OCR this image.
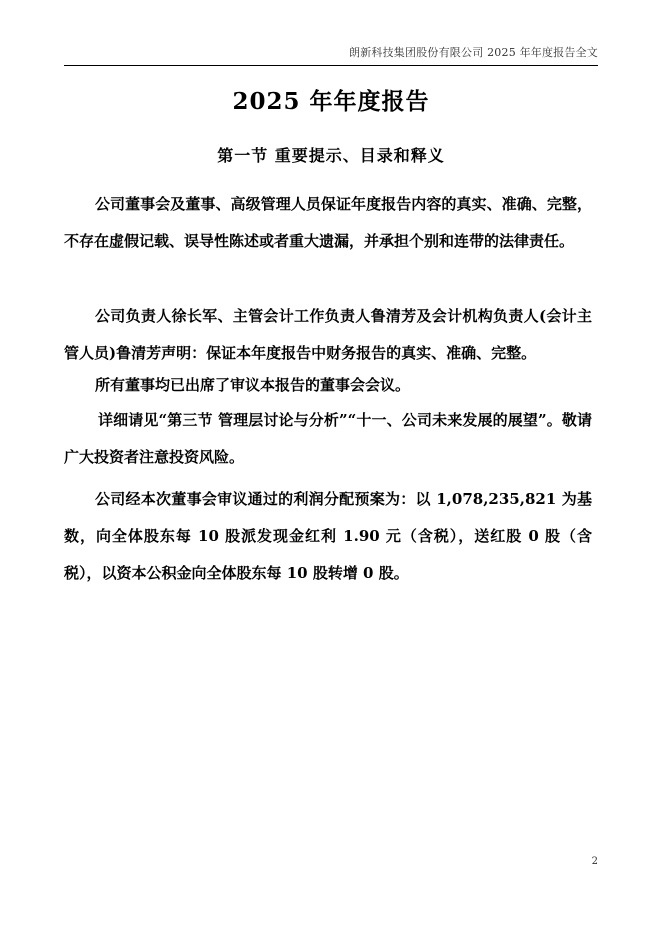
朗新科技集团股份有限公司 2025 年年度报告全文
2025 年年度报告
第一节 重要提示、目录和释义
公司董事会及董事、高级管理人员保证年度报告内容的真实、准确、完整，不存在虚假记载、误导性陈述或者重大遗漏，并承担个别和连带的法律责任。
公司负责人徐长军、主管会计工作负责人鲁清芳及会计机构负责人(会计主管人员)鲁清芳声明：保证本年度报告中财务报告的真实、准确、完整。
所有董事均已出席了审议本报告的董事会会议。
详细请见“第三节 管理层讨论与分析”“十一、公司未来发展的展望”。敬请广大投资者注意投资风险。
公司经本次董事会审议通过的利润分配预案为：以 1,078,235,821 为基数，向全体股东每 10 股派发现金红利 1.90 元（含税），送红股 0 股（含税），以资本公积金向全体股东每 10 股转增 0 股。
2
